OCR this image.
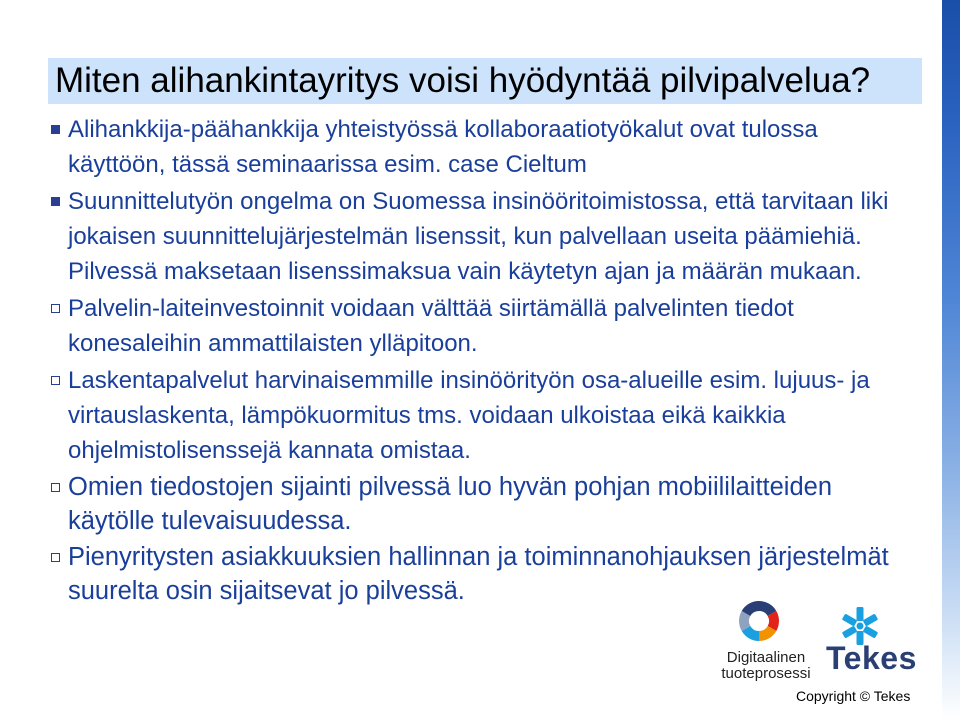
Miten alihankintayritys voisi hyödyntää pilvipalvelua?
Alihankkija-päähankkija yhteistyössä kollaboraatiotyökalut ovat tulossa käyttöön, tässä seminaarissa esim. case Cieltum
Suunnittelutyön ongelma on Suomessa insinööritoimistossa, että tarvitaan liki jokaisen suunnittelujärjestelmän lisenssit, kun palvellaan useita päämiehiä. Pilvessä maksetaan lisenssimaksua vain käytetyn ajan ja määrän mukaan.
Palvelin-laiteinvestoinnit voidaan välttää siirtämällä palvelinten tiedot konesaleihin ammattilaisten ylläpitoon.
Laskentapalvelut harvinaisemmille insinöörityön osa-alueille esim. lujuus- ja virtauslaskenta, lämpökuormitus tms. voidaan ulkoistaa eikä kaikkia ohjelmistolisenssejä kannata omistaa.
Omien tiedostojen sijainti pilvessä luo hyvän pohjan mobiililaitteiden käytölle tulevaisuudessa.
Pienyritysten asiakkuuksien hallinnan ja toiminnanohjauksen järjestelmät suurelta osin sijaitsevat jo pilvessä.
Digitaalinen
tuoteprosessi Tekes
Copyright © Tekes
